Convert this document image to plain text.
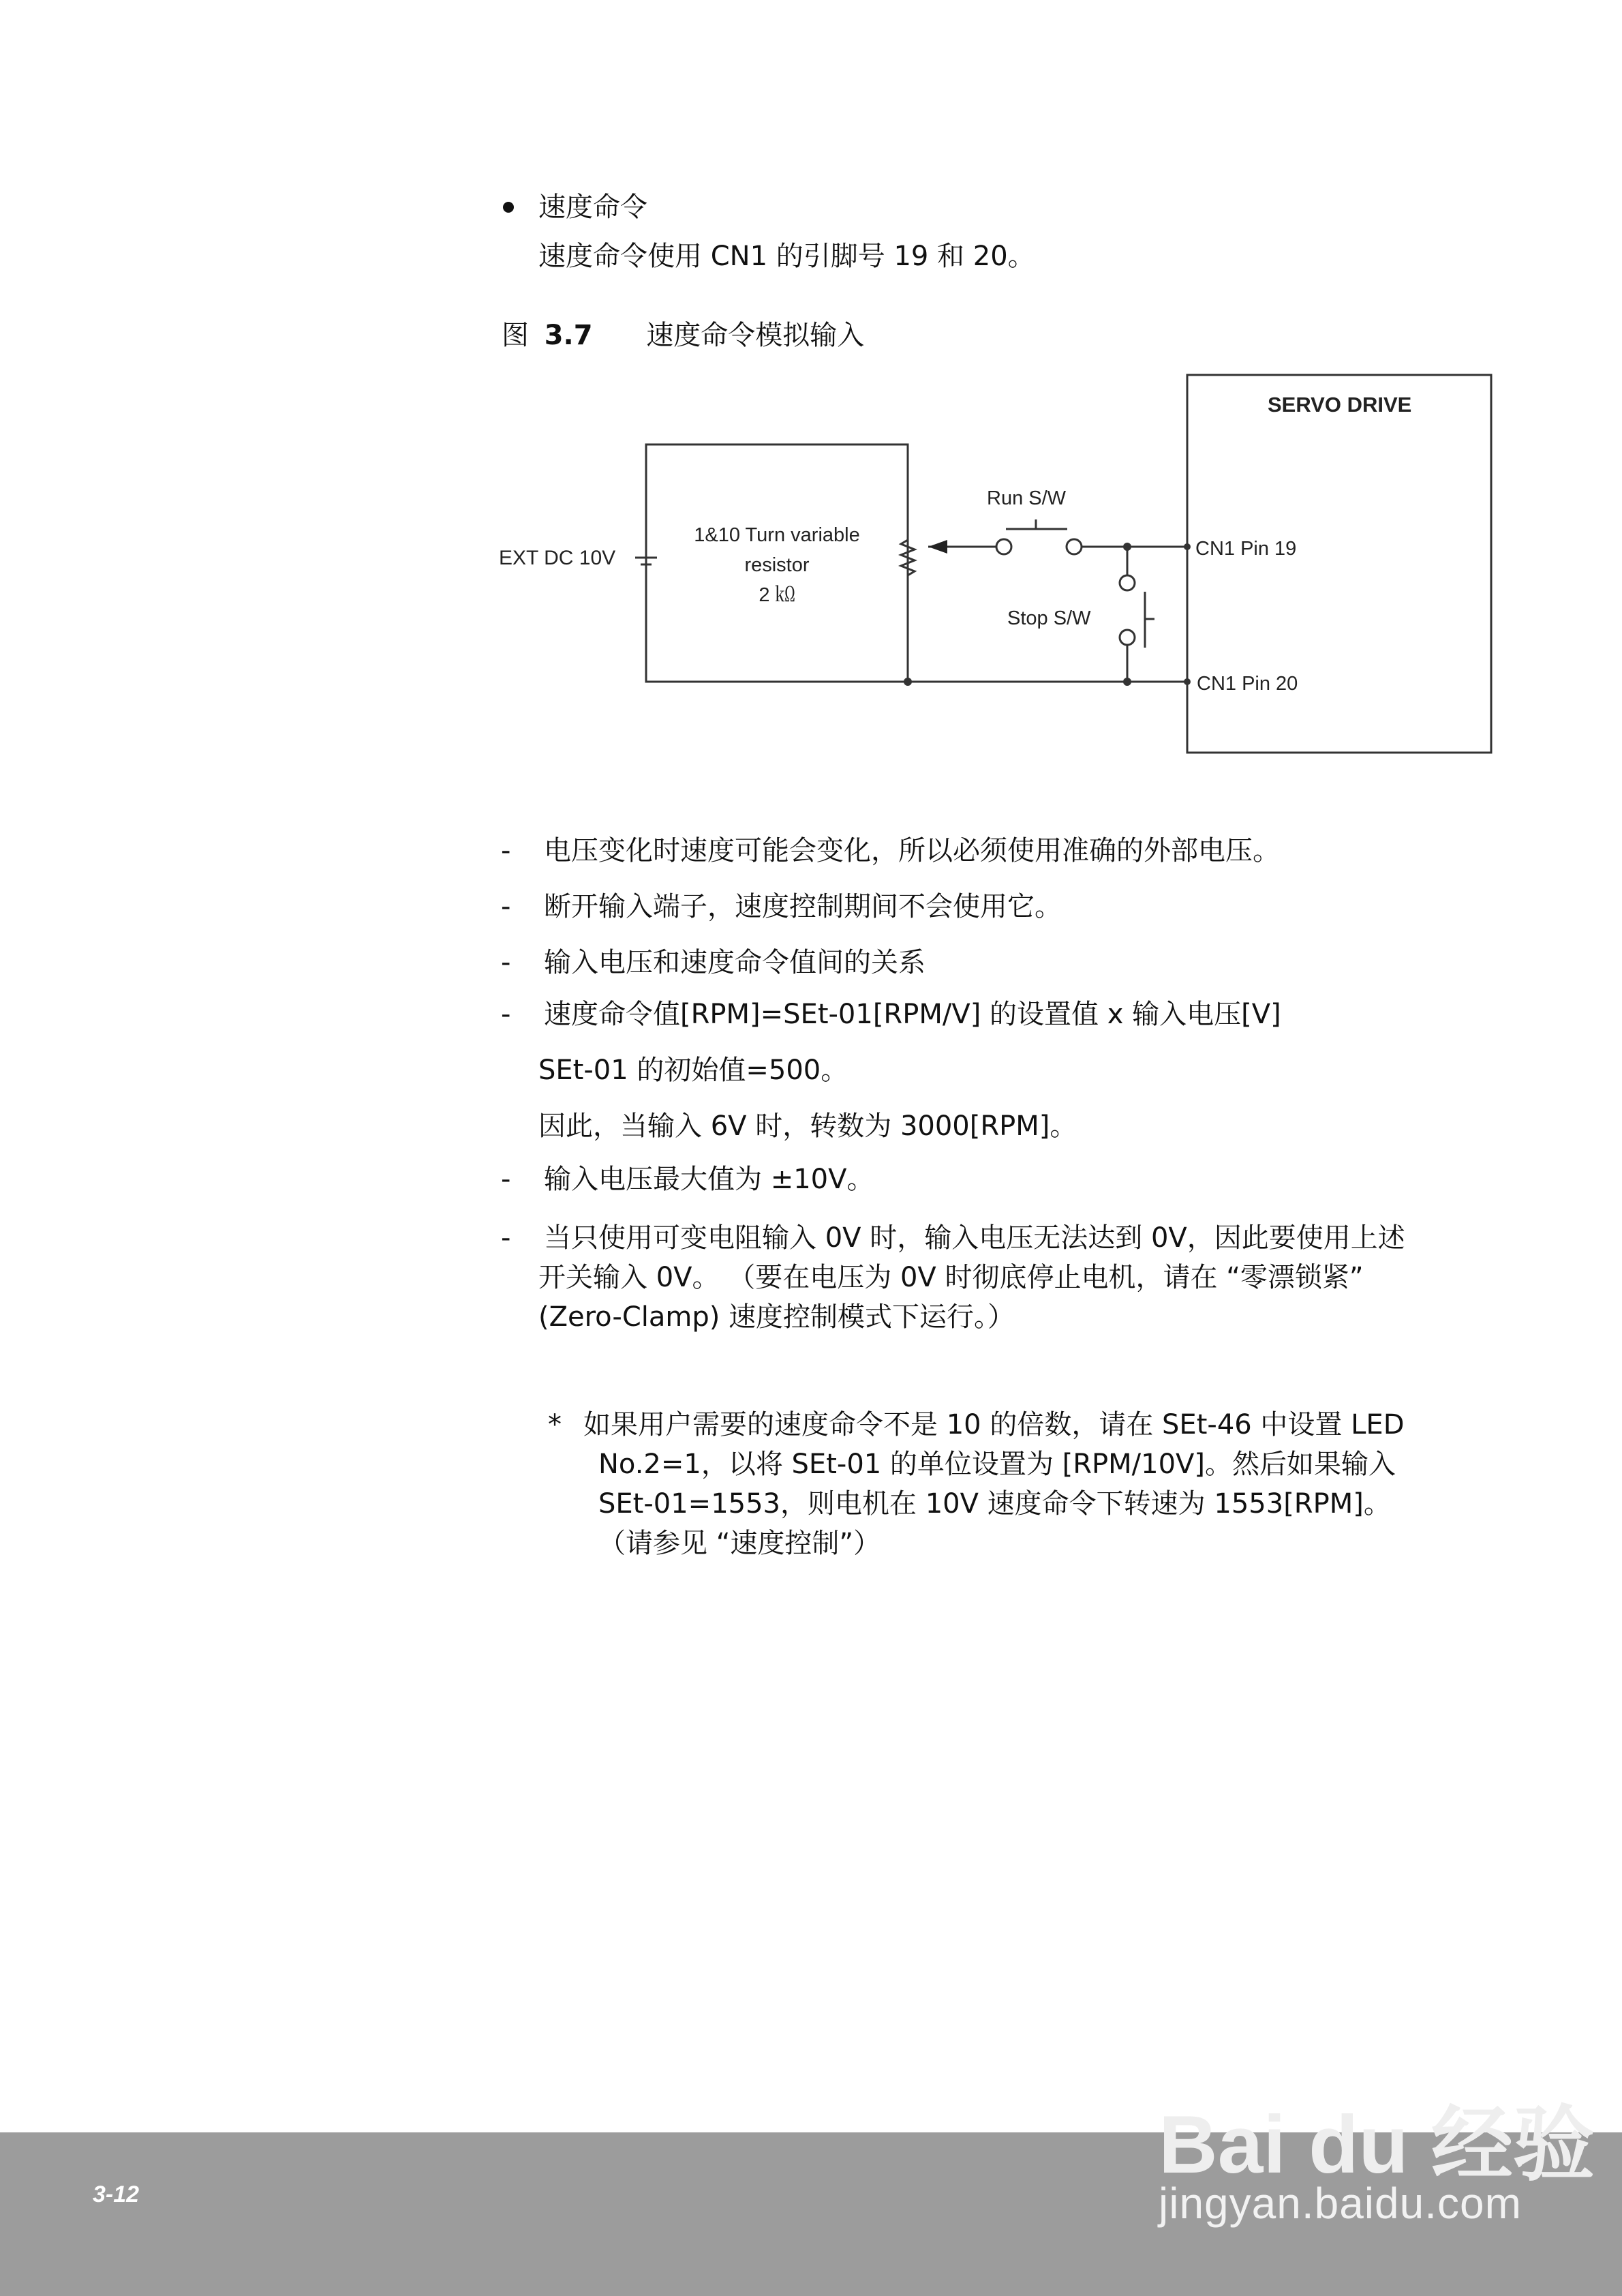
速度命令
速度命令使用 CN1 的引脚号 19 和 20。
图 3.7 速度命令模拟输入
SERVO DRIVE
EXT DC 10V
1&10 Turn variable
resistor
2 ㏀
Run S/W
Stop S/W
CN1 Pin 19
CN1 Pin 20
- 电压变化时速度可能会变化，所以必须使用准确的外部电压。
- 断开输入端子，速度控制期间不会使用它。
- 输入电压和速度命令值间的关系
- 速度命令值[RPM]=SEt-01[RPM/V] 的设置值 x 输入电压[V]
SEt-01 的初始值=500。
因此，当输入 6V 时，转数为 3000[RPM]。
- 输入电压最大值为 ±10V。
- 当只使用可变电阻输入 0V 时，输入电压无法达到 0V，因此要使用上述
开关输入 0V。 （要在电压为 0V 时彻底停止电机，请在 “零漂锁紧”
(Zero-Clamp) 速度控制模式下运行。）
* 如果用户需要的速度命令不是 10 的倍数，请在 SEt-46 中设置 LED
No.2=1，以将 SEt-01 的单位设置为 [RPM/10V]。然后如果输入
SEt-01=1553，则电机在 10V 速度命令下转速为 1553[RPM]。
（请参见 “速度控制”）
3-12
Bai du 经验
jingyan.baidu.com
